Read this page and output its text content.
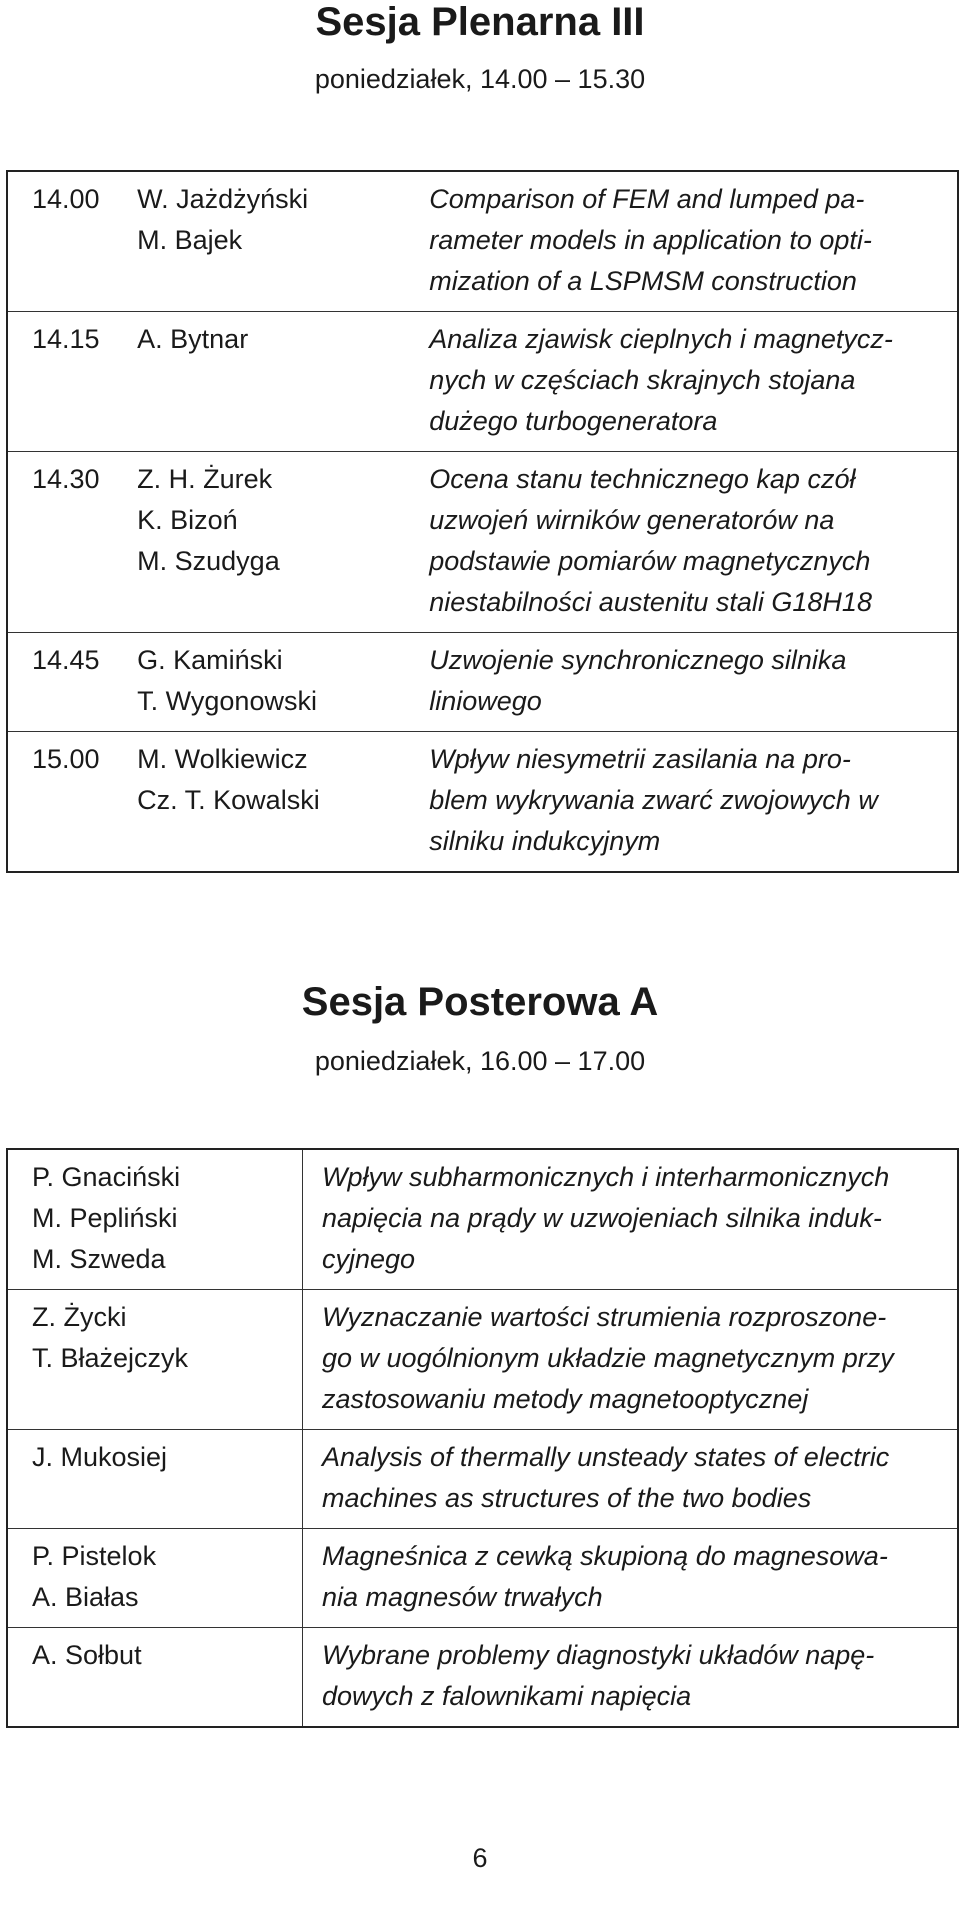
Sesja Plenarna III

poniedziałek, 14.00 – 15.30

14.00	W. Jażdżyński
M. Bajek	Comparison of FEM and lumped pa-
rameter models in application to opti-
mization of a LSPMSM construction

14.15	A. Bytnar	Analiza zjawisk cieplnych i magnetycz-
nych w częściach skrajnych stojana
dużego turbogeneratora

14.30	Z. H. Żurek
K. Bizoń
M. Szudyga	Ocena stanu technicznego kap czół
uzwojeń wirników generatorów na
podstawie pomiarów magnetycznych
niestabilności austenitu stali G18H18

14.45	G. Kamiński
T. Wygonowski	Uzwojenie synchronicznego silnika
liniowego

15.00	M. Wolkiewicz
Cz. T. Kowalski	Wpływ niesymetrii zasilania na pro-
blem wykrywania zwarć zwojowych w
silniku indukcyjnym
Sesja Posterowa A

poniedziałek, 16.00 – 17.00

P. Gnaciński
M. Pepliński
M. Szweda	Wpływ subharmonicznych i interharmonicznych
napięcia na prądy w uzwojeniach silnika induk-
cyjnego

Z. Życki
T. Błażejczyk	Wyznaczanie wartości strumienia rozproszone-
go w uogólnionym układzie magnetycznym przy
zastosowaniu metody magnetooptycznej

J. Mukosiej	Analysis of thermally unsteady states of electric
machines as structures of the two bodies

P. Pistelok
A. Białas	Magneśnica z cewką skupioną do magnesowa-
nia magnesów trwałych

A. Sołbut	Wybrane problemy diagnostyki układów napę-
dowych z falownikami napięcia
6
